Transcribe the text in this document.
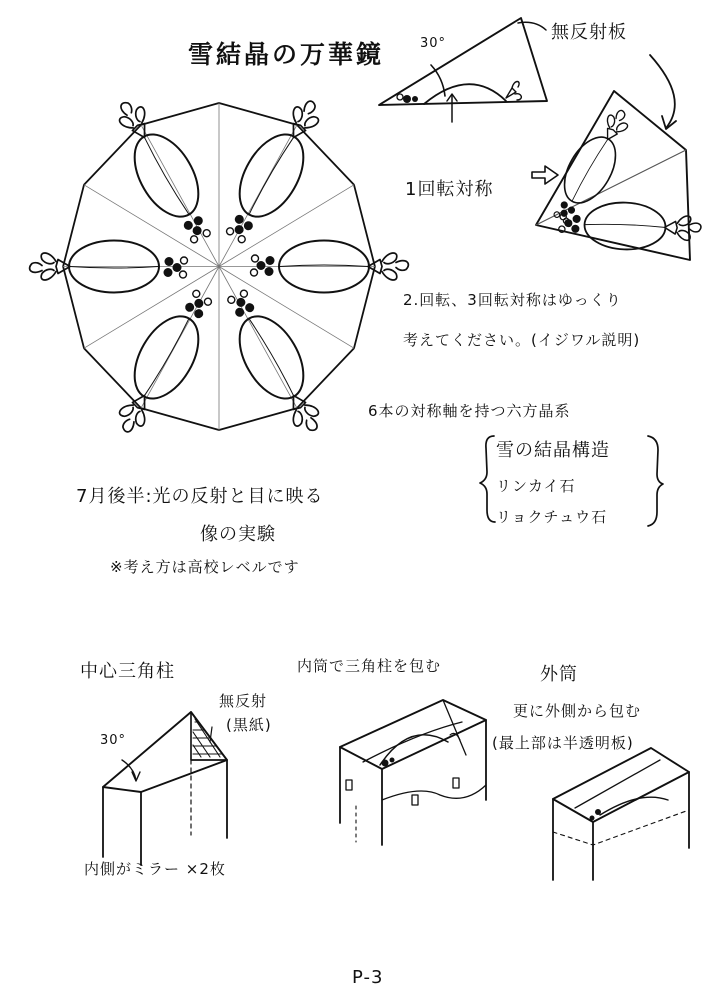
雪結晶の万華鏡	30°
無反射板
1回転対称
2.回転、3回転対称はゆっくり
考えてください。(イジワル説明)
6本の対称軸を持つ六方晶系
雪の結晶構造
リンカイ石
リョクチュウ石
7月後半:光の反射と目に映る
像の実験
※考え方は高校レベルです
中心三角柱
30°
無反射
(黒紙)
内側がミラー ×2枚
内筒で三角柱を包む	外筒
更に外側から包む
(最上部は半透明板)
P-3
